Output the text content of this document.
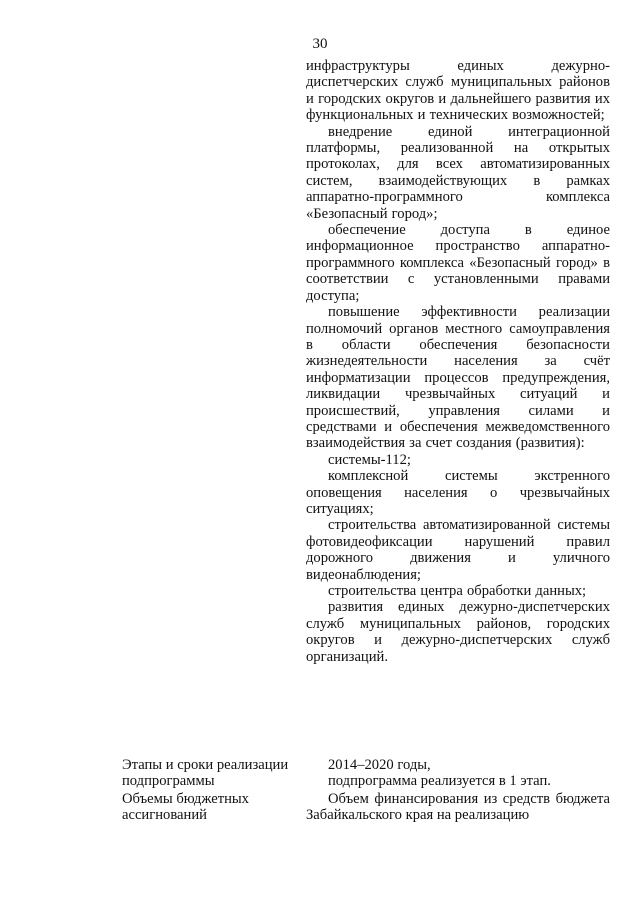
30

инфраструктуры единых дежурно-диспетчерских служб муниципальных районов и городских округов и дальнейшего развития их функциональных и технических возможностей;

внедрение единой интеграционной платформы, реализованной на открытых протоколах, для всех автоматизированных систем, взаимодействующих в рамках аппаратно-программного комплекса «Безопасный город»;

обеспечение доступа в единое информационное пространство аппаратно-программного комплекса «Безопасный город» в соответствии с установленными правами доступа;

повышение эффективности реализации полномочий органов местного самоуправления в области обеспечения безопасности жизнедеятельности населения за счёт информатизации процессов предупреждения, ликвидации чрезвычайных ситуаций и происшествий, управления силами и средствами и обеспечения межведомственного взаимодействия за счет создания (развития):

системы-112;

комплексной системы экстренного оповещения населения о чрезвычайных ситуациях;

строительства автоматизированной системы фотовидеофиксации нарушений правил дорожного движения и уличного видеонаблюдения;

строительства центра обработки данных;

развития единых дежурно-диспетчерских служб муниципальных районов, городских округов и дежурно-диспетчерских служб организаций.

Этапы и сроки реализации подпрограммы

2014–2020 годы,

подпрограмма реализуется в 1 этап.

Объемы бюджетных ассигнований

Объем финансирования из средств бюджета Забайкальского края на реализацию
